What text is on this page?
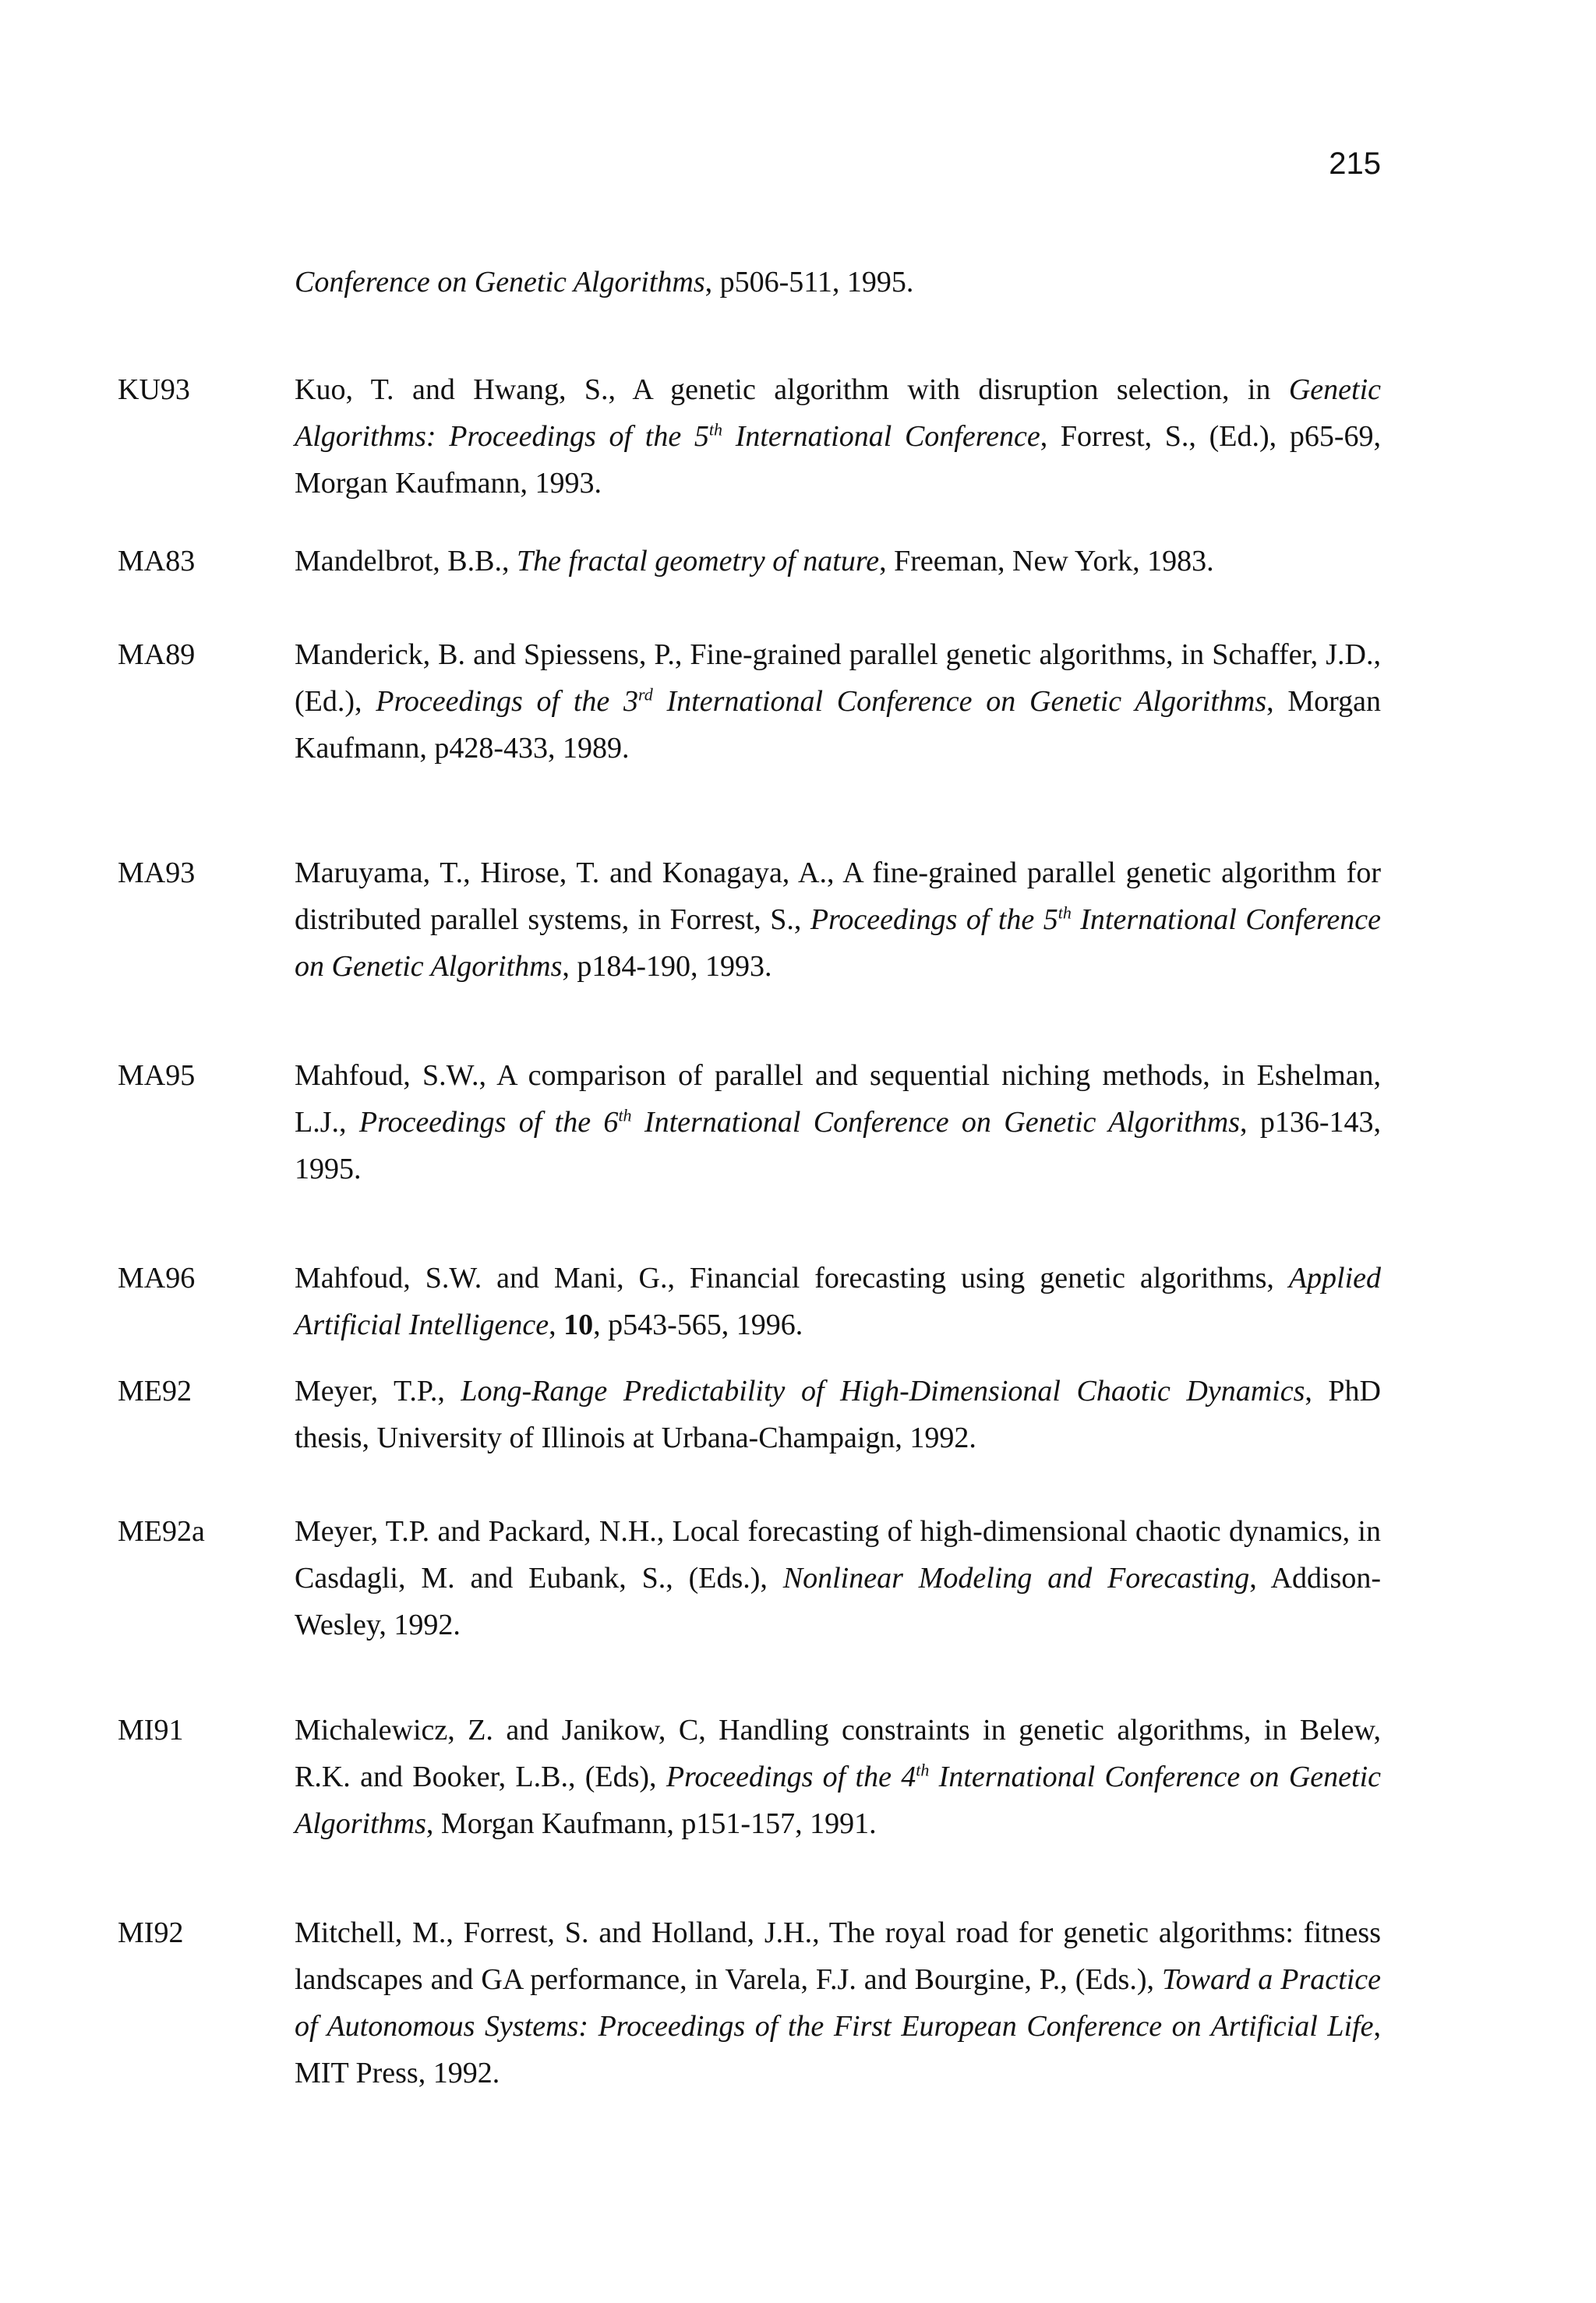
215
Conference on Genetic Algorithms, p506-511, 1995.
KU93	Kuo, T. and Hwang, S., A genetic algorithm with disruption selection, in Genetic Algorithms: Proceedings of the 5th International Conference, Forrest, S., (Ed.), p65-69, Morgan Kaufmann, 1993.
MA83	Mandelbrot, B.B., The fractal geometry of nature, Freeman, New York, 1983.
MA89	Manderick, B. and Spiessens, P., Fine-grained parallel genetic algorithms, in Schaffer, J.D., (Ed.), Proceedings of the 3rd International Conference on Genetic Algorithms, Morgan Kaufmann, p428-433, 1989.
MA93	Maruyama, T., Hirose, T. and Konagaya, A., A fine-grained parallel genetic algorithm for distributed parallel systems, in Forrest, S., Proceedings of the 5th International Conference on Genetic Algorithms, p184-190, 1993.
MA95	Mahfoud, S.W., A comparison of parallel and sequential niching methods, in Eshelman, L.J., Proceedings of the 6th International Conference on Genetic Algorithms, p136-143, 1995.
MA96	Mahfoud, S.W. and Mani, G., Financial forecasting using genetic algorithms, Applied Artificial Intelligence, 10, p543-565, 1996.
ME92	Meyer, T.P., Long-Range Predictability of High-Dimensional Chaotic Dynamics, PhD thesis, University of Illinois at Urbana-Champaign, 1992.
ME92a	Meyer, T.P. and Packard, N.H., Local forecasting of high-dimensional chaotic dynamics, in Casdagli, M. and Eubank, S., (Eds.), Nonlinear Modeling and Forecasting, Addison-Wesley, 1992.
MI91	Michalewicz, Z. and Janikow, C, Handling constraints in genetic algorithms, in Belew, R.K. and Booker, L.B., (Eds), Proceedings of the 4th International Conference on Genetic Algorithms, Morgan Kaufmann, p151-157, 1991.
MI92	Mitchell, M., Forrest, S. and Holland, J.H., The royal road for genetic algorithms: fitness landscapes and GA performance, in Varela, F.J. and Bourgine, P., (Eds.), Toward a Practice of Autonomous Systems: Proceedings of the First European Conference on Artificial Life, MIT Press, 1992.
